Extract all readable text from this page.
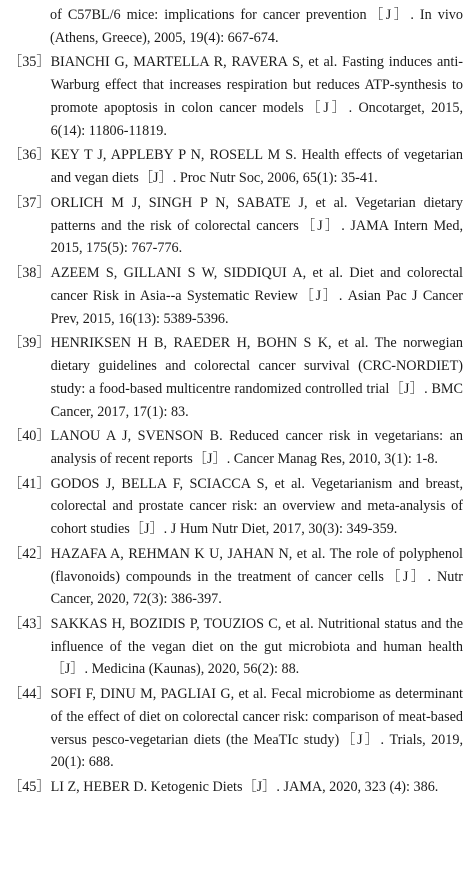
of C57BL/6 mice: implications for cancer prevention［J］. In vivo (Athens, Greece), 2005, 19(4): 667-674.
［35］ BIANCHI G, MARTELLA R, RAVERA S, et al. Fasting induces anti-Warburg effect that increases respiration but reduces ATP-synthesis to promote apoptosis in colon cancer models［J］. Oncotarget, 2015, 6(14): 11806-11819.
［36］ KEY T J, APPLEBY P N, ROSELL M S. Health effects of vegetarian and vegan diets［J］. Proc Nutr Soc, 2006, 65(1): 35-41.
［37］ ORLICH M J, SINGH P N, SABATE J, et al. Vegetarian dietary patterns and the risk of colorectal cancers［J］. JAMA Intern Med, 2015, 175(5): 767-776.
［38］ AZEEM S, GILLANI S W, SIDDIQUI A, et al. Diet and colorectal cancer Risk in Asia--a Systematic Review［J］. Asian Pac J Cancer Prev, 2015, 16(13): 5389-5396.
［39］ HENRIKSEN H B, RAEDER H, BOHN S K, et al. The norwegian dietary guidelines and colorectal cancer survival (CRC-NORDIET) study: a food-based multicentre randomized controlled trial［J］. BMC Cancer, 2017, 17(1): 83.
［40］ LANOU A J, SVENSON B. Reduced cancer risk in vegetarians: an analysis of recent reports［J］. Cancer Manag Res, 2010, 3(1): 1-8.
［41］ GODOS J, BELLA F, SCIACCA S, et al. Vegetarianism and breast, colorectal and prostate cancer risk: an overview and meta-analysis of cohort studies［J］. J Hum Nutr Diet, 2017, 30(3): 349-359.
［42］ HAZAFA A, REHMAN K U, JAHAN N, et al. The role of polyphenol (flavonoids) compounds in the treatment of cancer cells［J］. Nutr Cancer, 2020, 72(3): 386-397.
［43］ SAKKAS H, BOZIDIS P, TOUZIOS C, et al. Nutritional status and the influence of the vegan diet on the gut microbiota and human health［J］. Medicina (Kaunas), 2020, 56(2): 88.
［44］ SOFI F, DINU M, PAGLIAI G, et al. Fecal microbiome as determinant of the effect of diet on colorectal cancer risk: comparison of meat-based versus pesco-vegetarian diets (the MeaTIc study)［J］. Trials, 2019, 20(1): 688.
［45］ LI Z, HEBER D. Ketogenic Diets［J］. JAMA, 2020, 323 (4): 386.
